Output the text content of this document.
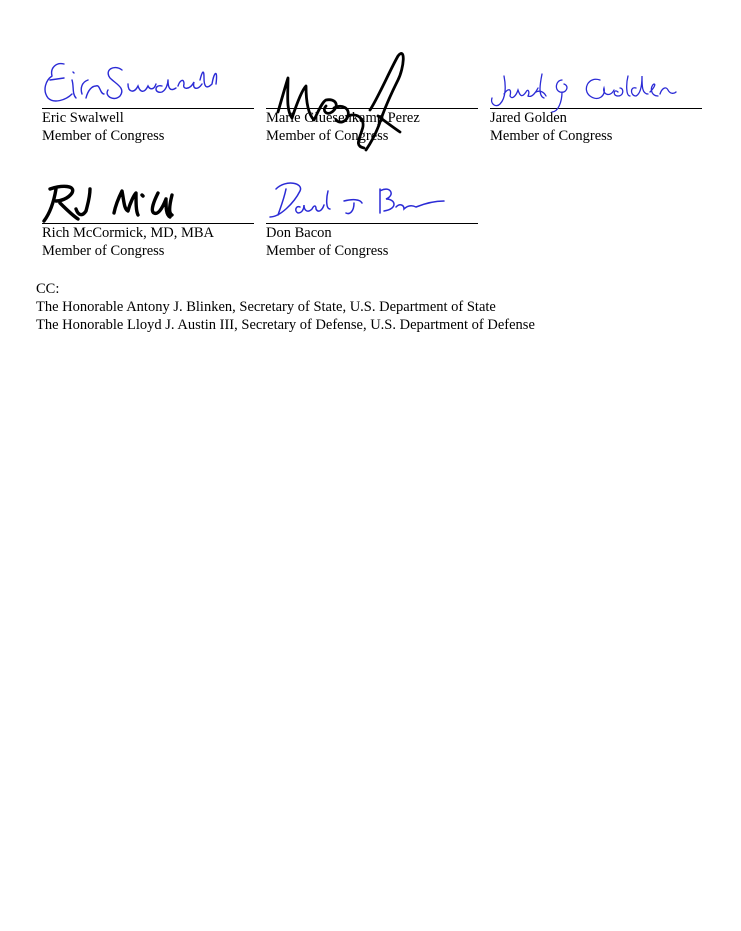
Eric Swalwell
Member of Congress
Marie Gluesenkamp Perez
Member of Congress
Jared Golden
Member of Congress
Rich McCormick, MD, MBA
Member of Congress
Don Bacon
Member of Congress
CC:
The Honorable Antony J. Blinken, Secretary of State, U.S. Department of State
The Honorable Lloyd J. Austin III, Secretary of Defense, U.S. Department of Defense
